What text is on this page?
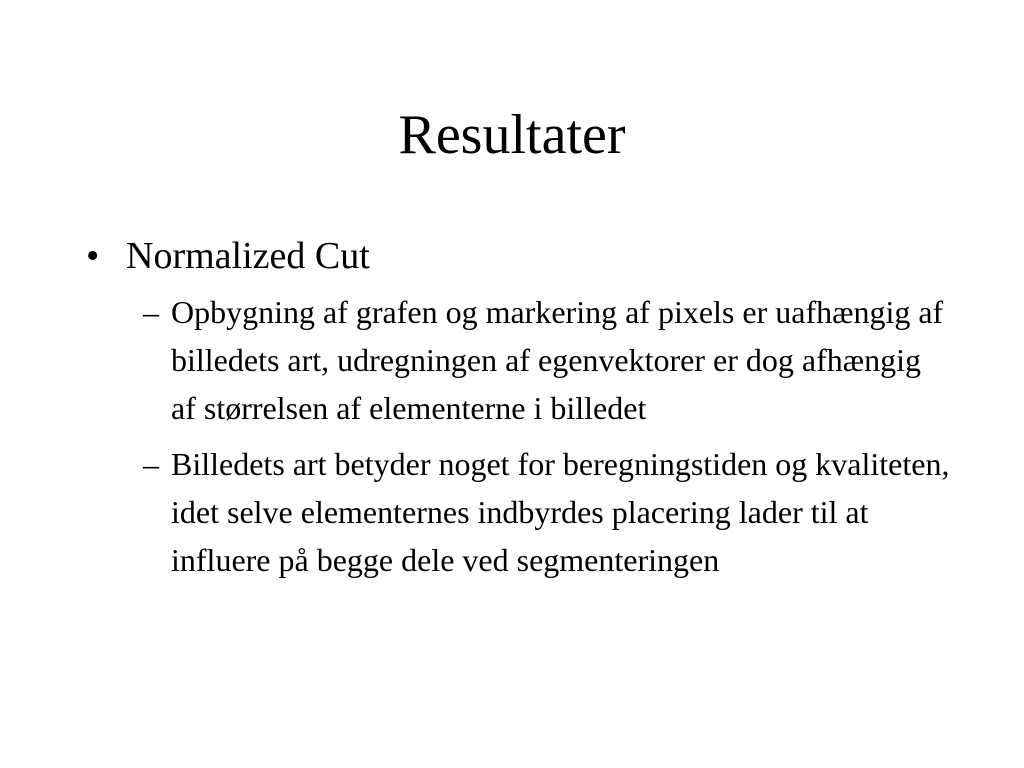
Resultater
• Normalized Cut
– Opbygning af grafen og markering af pixels er uafhængig af billedets art, udregningen af egenvektorer er dog afhængig af størrelsen af elementerne i billedet
– Billedets art betyder noget for beregningstiden og kvaliteten, idet selve elementernes indbyrdes placering lader til at influere på begge dele ved segmenteringen
